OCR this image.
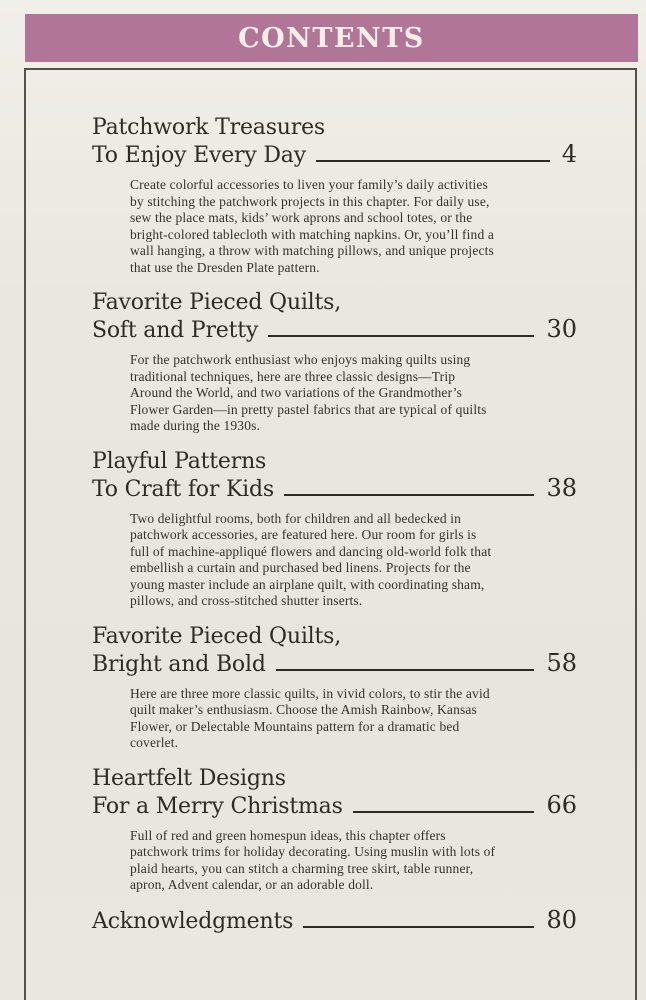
CONTENTS
Patchwork Treasures
To Enjoy Every Day	4

Create colorful accessories to liven your family’s daily activities by stitching the patchwork projects in this chapter. For daily use, sew the place mats, kids’ work aprons and school totes, or the bright-colored tablecloth with matching napkins. Or, you’ll find a wall hanging, a throw with matching pillows, and unique projects that use the Dresden Plate pattern.

Favorite Pieced Quilts,
Soft and Pretty	30

For the patchwork enthusiast who enjoys making quilts using traditional techniques, here are three classic designs—Trip Around the World, and two variations of the Grandmother’s Flower Garden—in pretty pastel fabrics that are typical of quilts made during the 1930s.

Playful Patterns
To Craft for Kids	38

Two delightful rooms, both for children and all bedecked in patchwork accessories, are featured here. Our room for girls is full of machine-appliqué flowers and dancing old-world folk that embellish a curtain and purchased bed linens. Projects for the young master include an airplane quilt, with coordinating sham, pillows, and cross-stitched shutter inserts.

Favorite Pieced Quilts,
Bright and Bold	58

Here are three more classic quilts, in vivid colors, to stir the avid quilt maker’s enthusiasm. Choose the Amish Rainbow, Kansas Flower, or Delectable Mountains pattern for a dramatic bed coverlet.

Heartfelt Designs
For a Merry Christmas	66

Full of red and green homespun ideas, this chapter offers patchwork trims for holiday decorating. Using muslin with lots of plaid hearts, you can stitch a charming tree skirt, table runner, apron, Advent calendar, or an adorable doll.

Acknowledgments	80
